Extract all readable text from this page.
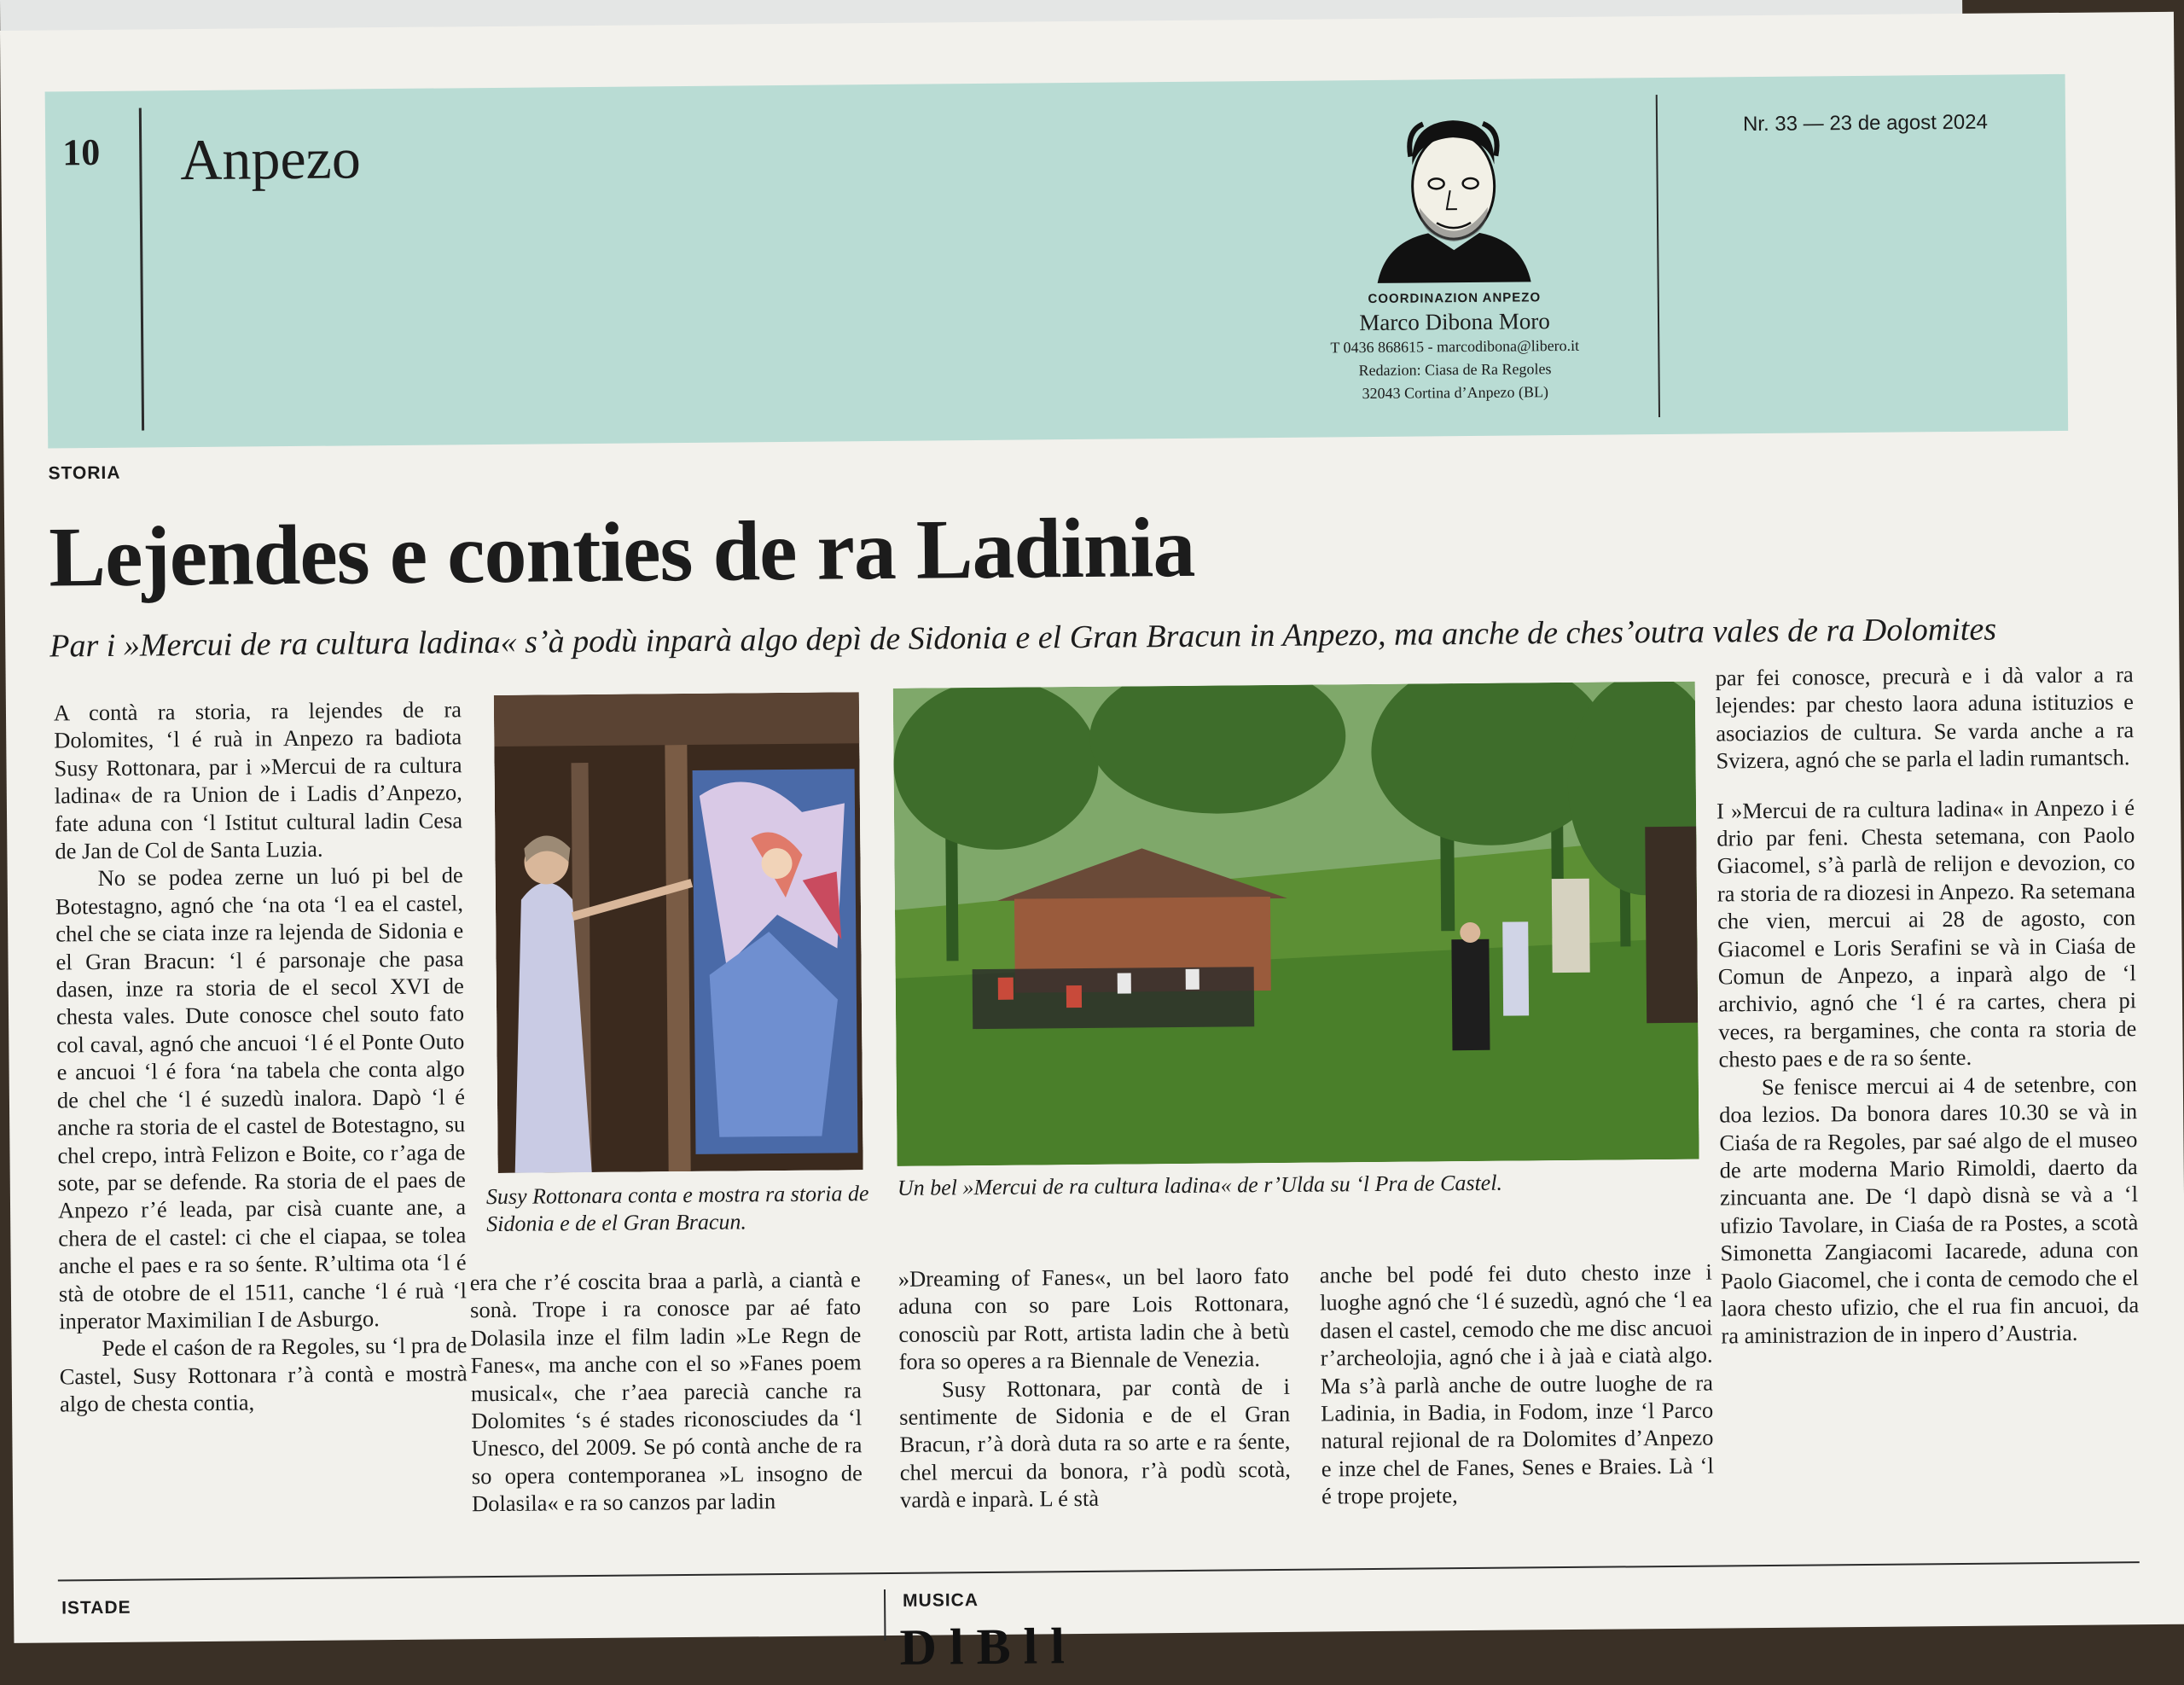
10 Anpezo
COORDINAZION ANPEZO
Marco Dibona Moro
T 0436 868615 - marcodibona@libero.it
Redazion: Ciasa de Ra Regoles
32043 Cortina d’Anpezo (BL)
Nr. 33 — 23 de agost 2024
STORIA
Lejendes e conties de ra Ladinia
Par i »Mercui de ra cultura ladina« s’à podù inparà algo depì de Sidonia e el Gran Bracun in Anpezo, ma anche de ches’outra vales de ra Dolomites

A contà ra storia, ra lejendes de ra Dolomites, ‘l é ruà in Anpezo ra badiota Susy Rottonara, par i »Mercui de ra cultura ladina« de ra Union de i Ladis d’Anpezo, fate aduna con ‘l Istitut cultural ladin Cesa de Jan de Col de Santa Luzia.

No se podea zerne un luó pi bel de Botestagno, agnó che ‘na ota ‘l ea el castel, chel che se ciata inze ra lejenda de Sidonia e el Gran Bracun: ‘l é parsonaje che pasa dasen, inze ra storia de el secol XVI de chesta vales. Dute conosce chel souto fato col caval, agnó che ancuoi ‘l é el Ponte Outo e ancuoi ‘l é fora ‘na tabela che conta algo de chel che ‘l é suzedù inalora. Dapò ‘l é anche ra storia de el castel de Botestagno, su chel crepo, intrà Felizon e Boite, co r’aga de sote, par se defende. Ra storia de el paes de Anpezo r’é leada, par cisà cuante ane, a chera de el castel: ci che el ciapaa, se tolea anche el paes e ra so śente. R’ultima ota ‘l é stà de otobre de el 1511, canche ‘l é ruà ‘l inperator Maximilian I de Asburgo.

Pede el caśon de ra Regoles, su ‘l pra de Castel, Susy Rottonara r’à contà e mostrà algo de chesta contia,

Susy Rottonara conta e mostra ra storia de Sidonia e de el Gran Bracun.
Un bel »Mercui de ra cultura ladina« de r’Ulda su ‘l Pra de Castel.

era che r’é coscita braa a parlà, a ciantà e sonà. Trope i ra conosce par aé fato Dolasila inze el film ladin »Le Regn de Fanes«, ma anche con el so »Fanes poem musical«, che r’aea parecià canche ra Dolomites ‘s é stades riconosciudes da ‘l Unesco, del 2009. Se pó contà anche de ra so opera contemporanea »L insogno de Dolasila« e ra so canzos par ladin

»Dreaming of Fanes«, un bel laoro fato aduna con so pare Lois Rottonara, conosciù par Rott, artista ladin che à betù fora so operes a ra Biennale de Venezia.

Susy Rottonara, par contà de i sentimente de Sidonia e de el Gran Bracun, r’à dorà duta ra so arte e ra śente, chel mercui da bonora, r’à podù scotà, vardà e inparà. L é stà

anche bel podé fei duto chesto inze i luoghe agnó che ‘l é suzedù, agnó che ‘l ea dasen el castel, cemodo che me disc ancuoi r’archeolojia, agnó che i à jaà e ciatà algo. Ma s’à parlà anche de outre luoghe de ra Ladinia, in Badia, in Fodom, inze ‘l Parco natural rejional de ra Dolomites d’Anpezo e inze chel de Fanes, Senes e Braies. Là ‘l é trope projete,

par fei conosce, precurà e i dà valor a ra lejendes: par chesto laora aduna istituzios e asociazios de cultura. Se varda anche a ra Svizera, agnó che se parla el ladin rumantsch.

I »Mercui de ra cultura ladina« in Anpezo i é drio par feni. Chesta setemana, con Paolo Giacomel, s’à parlà de relijon e devozion, co ra storia de ra diozesi in Anpezo. Ra setemana che vien, mercui ai 28 de agosto, con Giacomel e Loris Serafini se và in Ciaśa de Comun de Anpezo, a inparà algo de ‘l archivio, agnó che ‘l é ra cartes, chera pi veces, ra bergamines, che conta ra storia de chesto paes e de ra so śente.

Se fenisce mercui ai 4 de setenbre, con doa lezios. Da bonora dares 10.30 se và in Ciaśa de ra Regoles, par saé algo de el museo de arte moderna Mario Rimoldi, daerto da zincuanta ane. De ‘l dapò disnà se và a ‘l ufizio Tavolare, in Ciaśa de ra Postes, a scotà Simonetta Zangiacomi Iacarede, aduna con Paolo Giacomel, che i conta de cemodo che el laora chesto ufizio, che el rua fin ancuoi, da ra aministrazion de in inpero d’Austria.

ISTADE	MUSICA
D l B l l
